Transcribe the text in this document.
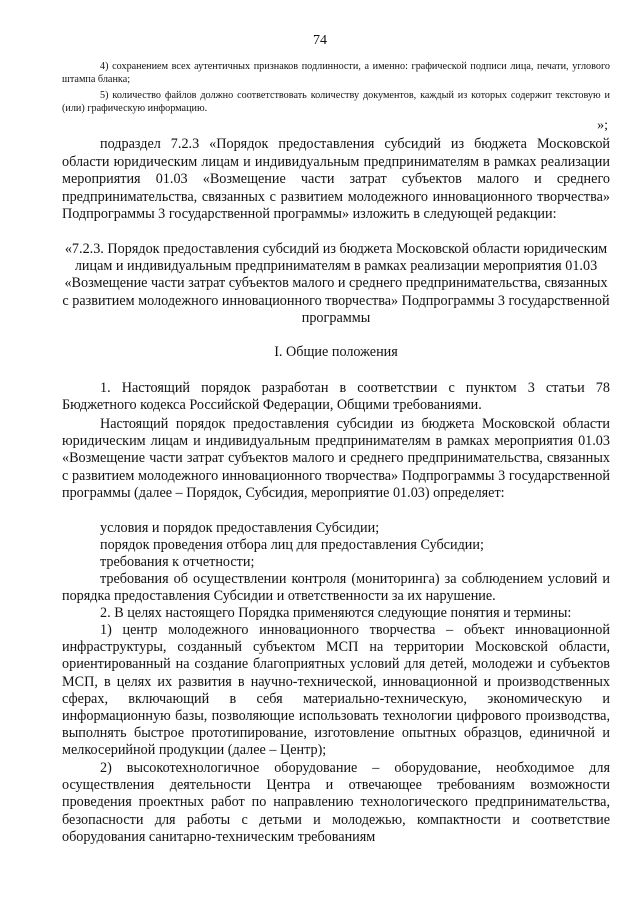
74
4) сохранением всех аутентичных признаков подлинности, а именно: графической подписи лица, печати, углового штампа бланка;
5) количество файлов должно соответствовать количеству документов, каждый из которых содержит текстовую и (или) графическую информацию.
»;
подраздел 7.2.3 «Порядок предоставления субсидий из бюджета Московской области юридическим лицам и индивидуальным предпринимателям в рамках реализации мероприятия 01.03 «Возмещение части затрат субъектов малого и среднего предпринимательства, связанных с развитием молодежного инновационного творчества» Подпрограммы 3 государственной программы» изложить в следующей редакции:
«7.2.3. Порядок предоставления субсидий из бюджета Московской области юридическим лицам и индивидуальным предпринимателям в рамках реализации мероприятия 01.03 «Возмещение части затрат субъектов малого и среднего предпринимательства, связанных с развитием молодежного инновационного творчества» Подпрограммы 3 государственной программы
I. Общие положения
1. Настоящий порядок разработан в соответствии с пунктом 3 статьи 78 Бюджетного кодекса Российской Федерации, Общими требованиями.
Настоящий порядок предоставления субсидии из бюджета Московской области юридическим лицам и индивидуальным предпринимателям в рамках мероприятия 01.03 «Возмещение части затрат субъектов малого и среднего предпринимательства, связанных с развитием молодежного инновационного творчества» Подпрограммы 3 государственной программы (далее – Порядок, Субсидия, мероприятие 01.03) определяет:
условия и порядок предоставления Субсидии;
порядок проведения отбора лиц для предоставления Субсидии;
требования к отчетности;
требования об осуществлении контроля (мониторинга) за соблюдением условий и порядка предоставления Субсидии и ответственности за их нарушение.
2. В целях настоящего Порядка применяются следующие понятия и термины:
1) центр молодежного инновационного творчества – объект инновационной инфраструктуры, созданный субъектом МСП на территории Московской области, ориентированный на создание благоприятных условий для детей, молодежи и субъектов МСП, в целях их развития в научно-технической, инновационной и производственных сферах, включающий в себя материально-техническую, экономическую и информационную базы, позволяющие использовать технологии цифрового производства, выполнять быстрое прототипирование, изготовление опытных образцов, единичной и мелкосерийной продукции (далее – Центр);
2) высокотехнологичное оборудование – оборудование, необходимое для осуществления деятельности Центра и отвечающее требованиям возможности проведения проектных работ по направлению технологического предпринимательства, безопасности для работы с детьми и молодежью, компактности и соответствие оборудования санитарно-техническим требованиям
